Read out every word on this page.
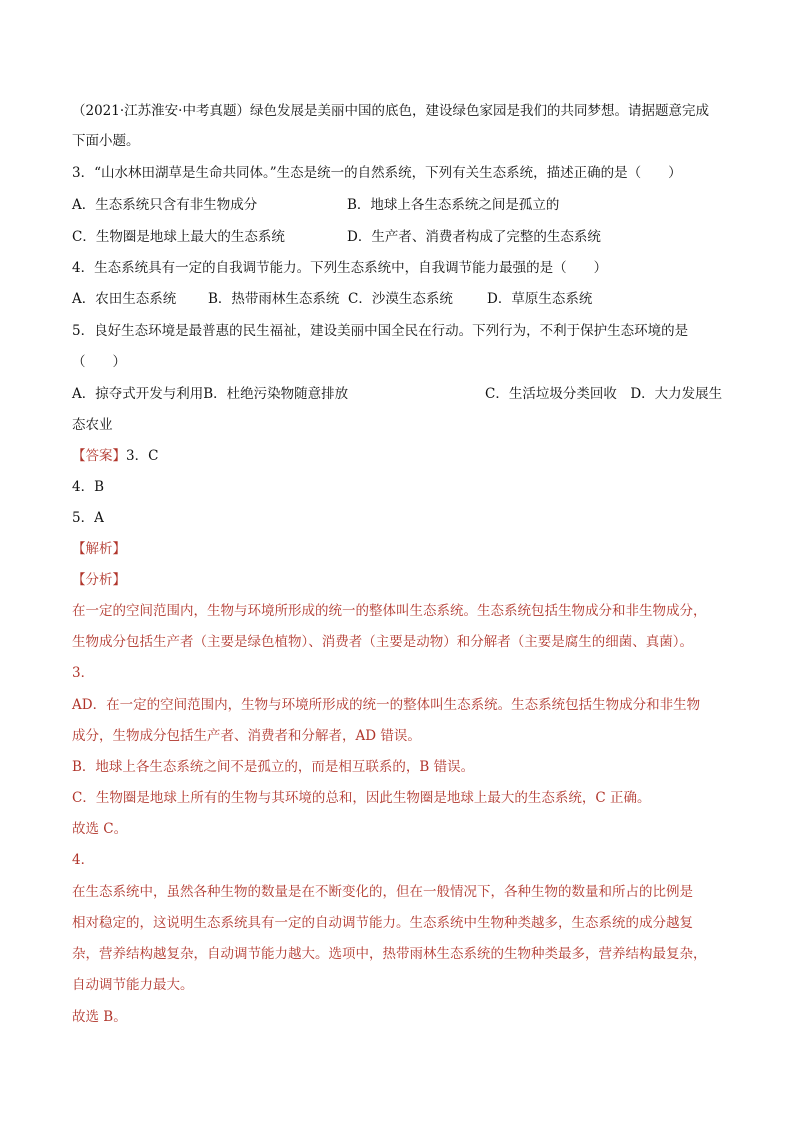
（2021·江苏淮安·中考真题）绿色发展是美丽中国的底色，建设绿色家园是我们的共同梦想。请据题意完成
下面小题。
3．“山水林田湖草是生命共同体。”生态是统一的自然系统，下列有关生态系统，描述正确的是（　　）
A．生态系统只含有非生物成分	B．地球上各生态系统之间是孤立的
C．生物圈是地球上最大的生态系统	D．生产者、消费者构成了完整的生态系统
4．生态系统具有一定的自我调节能力。下列生态系统中，自我调节能力最强的是（　　）
A．农田生态系统 B．热带雨林生态系统 C．沙漠生态系统	D．草原生态系统
5．良好生态环境是最普惠的民生福祉，建设美丽中国全民在行动。下列行为，不利于保护生态环境的是
（　　）
A．掠夺式开发与利用B．杜绝污染物随意排放	C．生活垃圾分类回收　D．大力发展生
态农业
【答案】3．C
4．B
5．A
【解析】
【分析】
在一定的空间范围内，生物与环境所形成的统一的整体叫生态系统。生态系统包括生物成分和非生物成分，
生物成分包括生产者（主要是绿色植物）、消费者（主要是动物）和分解者（主要是腐生的细菌、真菌）。
3．
AD．在一定的空间范围内，生物与环境所形成的统一的整体叫生态系统。生态系统包括生物成分和非生物
成分，生物成分包括生产者、消费者和分解者，AD 错误。
B．地球上各生态系统之间不是孤立的，而是相互联系的，B 错误。
C．生物圈是地球上所有的生物与其环境的总和，因此生物圈是地球上最大的生态系统，C 正确。
故选 C。
4．
在生态系统中，虽然各种生物的数量是在不断变化的，但在一般情况下，各种生物的数量和所占的比例是
相对稳定的，这说明生态系统具有一定的自动调节能力。生态系统中生物种类越多，生态系统的成分越复
杂，营养结构越复杂，自动调节能力越大。选项中，热带雨林生态系统的生物种类最多，营养结构最复杂，
自动调节能力最大。
故选 B。
